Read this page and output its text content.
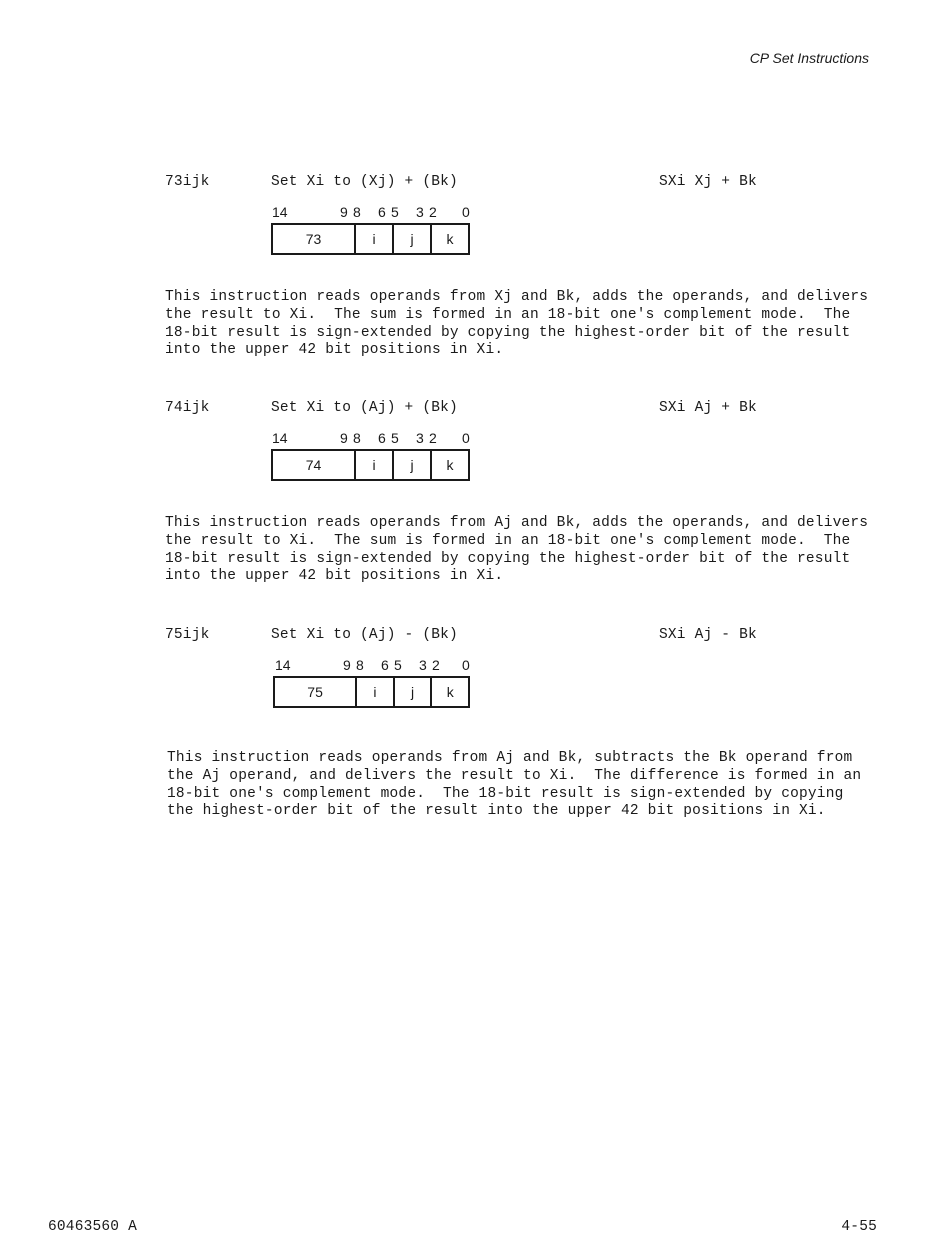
CP Set Instructions
73ijk	Set Xi to (Xj) + (Bk)	SXi Xj + Bk
14	9 8 6 5 3 2 0
73	i	j	k
This instruction reads operands from Xj and Bk, adds the operands, and delivers
the result to Xi.  The sum is formed in an 18-bit one's complement mode.  The
18-bit result is sign-extended by copying the highest-order bit of the result
into the upper 42 bit positions in Xi.
74ijk	Set Xi to (Aj) + (Bk)	SXi Aj + Bk
14	9 8 6 5 3 2 0
74	i	j	k
This instruction reads operands from Aj and Bk, adds the operands, and delivers
the result to Xi.  The sum is formed in an 18-bit one's complement mode.  The
18-bit result is sign-extended by copying the highest-order bit of the result
into the upper 42 bit positions in Xi.
75ijk	Set Xi to (Aj) - (Bk)	SXi Aj - Bk
14	9 8 6 5 3 2 0
75	i	j	k
This instruction reads operands from Aj and Bk, subtracts the Bk operand from
the Aj operand, and delivers the result to Xi.  The difference is formed in an
18-bit one's complement mode.  The 18-bit result is sign-extended by copying
the highest-order bit of the result into the upper 42 bit positions in Xi.
60463560 A	4-55
